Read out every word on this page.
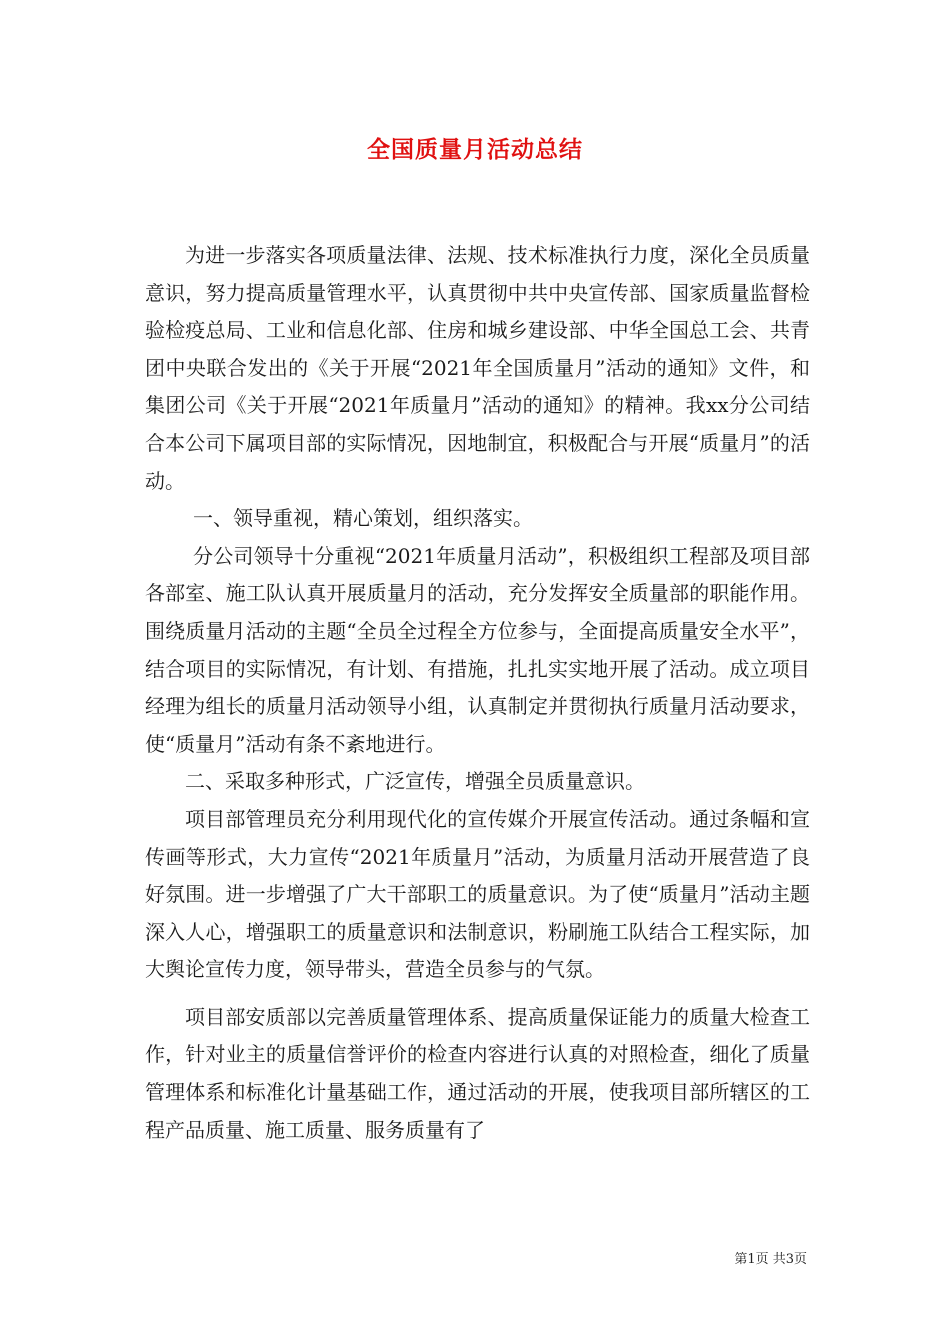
全国质量月活动总结

为进一步落实各项质量法律、法规、技术标准执行力度，深化全员质量意识，努力提高质量管理水平，认真贯彻中共中央宣传部、国家质量监督检验检疫总局、工业和信息化部、住房和城乡建设部、中华全国总工会、共青团中央联合发出的《关于开展“2021年全国质量月”活动的通知》文件，和集团公司《关于开展“2021年质量月”活动的通知》的精神。我xx分公司结合本公司下属项目部的实际情况，因地制宜，积极配合与开展“质量月”的活动。

一、领导重视，精心策划，组织落实。

分公司领导十分重视“2021年质量月活动”，积极组织工程部及项目部各部室、施工队认真开展质量月的活动，充分发挥安全质量部的职能作用。围绕质量月活动的主题“全员全过程全方位参与，全面提高质量安全水平”，结合项目的实际情况，有计划、有措施，扎扎实实地开展了活动。成立项目经理为组长的质量月活动领导小组，认真制定并贯彻执行质量月活动要求，使“质量月”活动有条不紊地进行。

二、采取多种形式，广泛宣传，增强全员质量意识。

项目部管理员充分利用现代化的宣传媒介开展宣传活动。通过条幅和宣传画等形式，大力宣传“2021年质量月”活动，为质量月活动开展营造了良好氛围。进一步增强了广大干部职工的质量意识。为了使“质量月”活动主题深入人心，增强职工的质量意识和法制意识，粉刷施工队结合工程实际，加大舆论宣传力度，领导带头，营造全员参与的气氛。

项目部安质部以完善质量管理体系、提高质量保证能力的质量大检查工作，针对业主的质量信誉评价的检查内容进行认真的对照检查，细化了质量管理体系和标准化计量基础工作，通过活动的开展，使我项目部所辖区的工程产品质量、施工质量、服务质量有了

第1页 共3页
